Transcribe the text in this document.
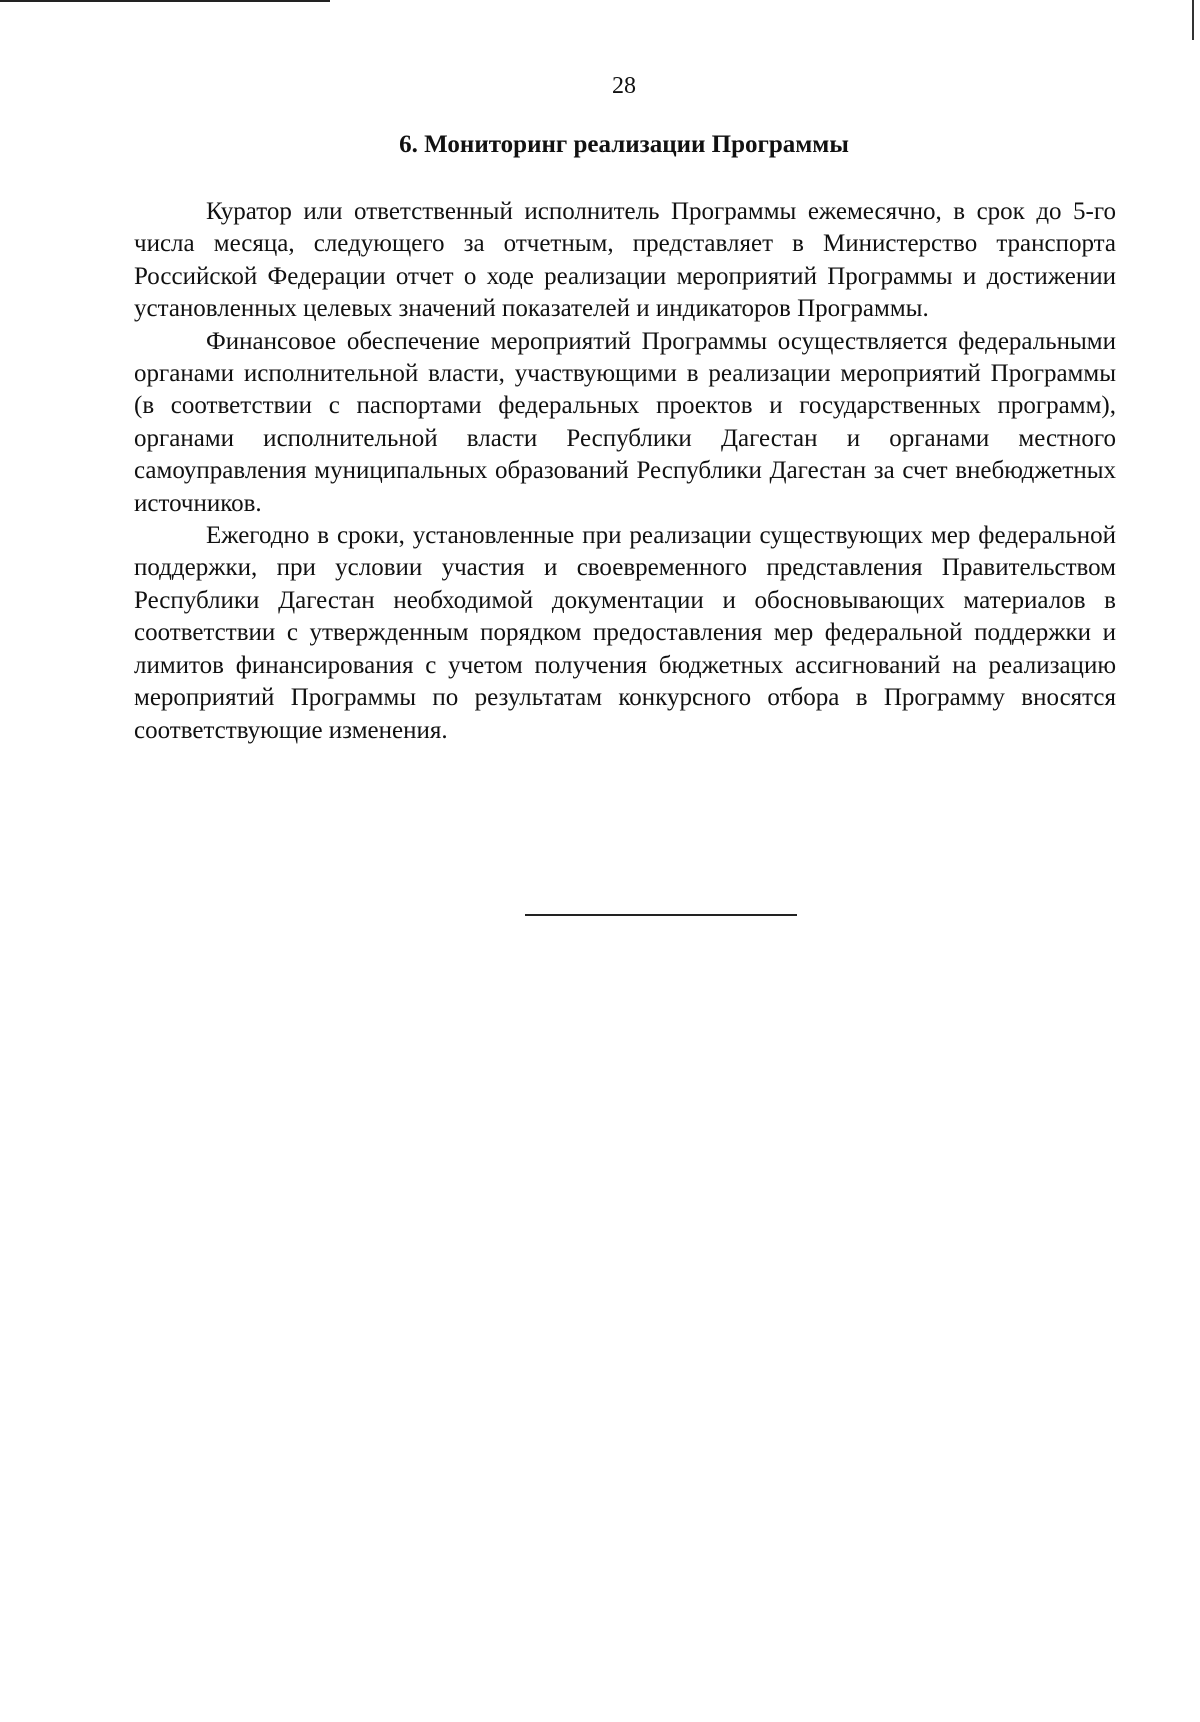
28
6. Мониторинг реализации Программы

Куратор или ответственный исполнитель Программы ежемесячно, в срок до 5-го числа месяца, следующего за отчетным, представляет в Министерство транспорта Российской Федерации отчет о ходе реализации мероприятий Программы и достижении установленных целевых значений показателей и индикаторов Программы.

Финансовое обеспечение мероприятий Программы осуществляется федеральными органами исполнительной власти, участвующими в реализации мероприятий Программы (в соответствии с паспортами федеральных проектов и государственных программ), органами исполнительной власти Республики Дагестан и органами местного самоуправления муниципальных образований Республики Дагестан за счет внебюджетных источников.

Ежегодно в сроки, установленные при реализации существующих мер федеральной поддержки, при условии участия и своевременного представления Правительством Республики Дагестан необходимой документации и обосновывающих материалов в соответствии с утвержденным порядком предоставления мер федеральной поддержки и лимитов финансирования с учетом получения бюджетных ассигнований на реализацию мероприятий Программы по результатам конкурсного отбора в Программу вносятся соответствующие изменения.
